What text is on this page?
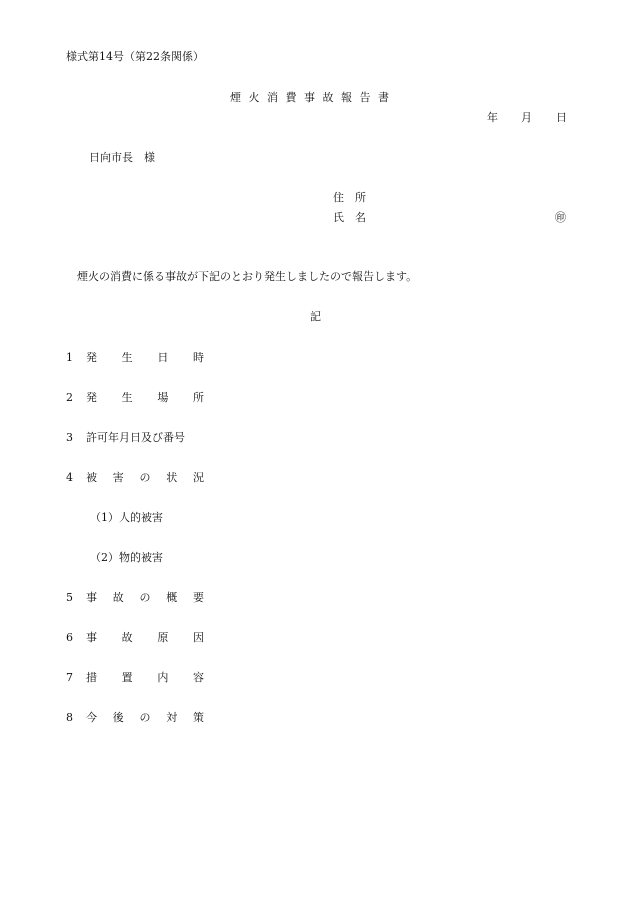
様式第14号（第22条関係）
煙 火 消 費 事 故 報 告 書
年 月 日
日向市長　様
住　所
氏　名	㊞
煙火の消費に係る事故が下記のとおり発生しましたので報告します。
記
1	発 生 日 時
2	発 生 場 所
3	許可年月日及び番号
4	被 害 の 状 況
（1）人的被害
（2）物的被害
5	事 故 の 概 要
6	事 故 原 因
7	措 置 内 容
8	今 後 の 対 策
